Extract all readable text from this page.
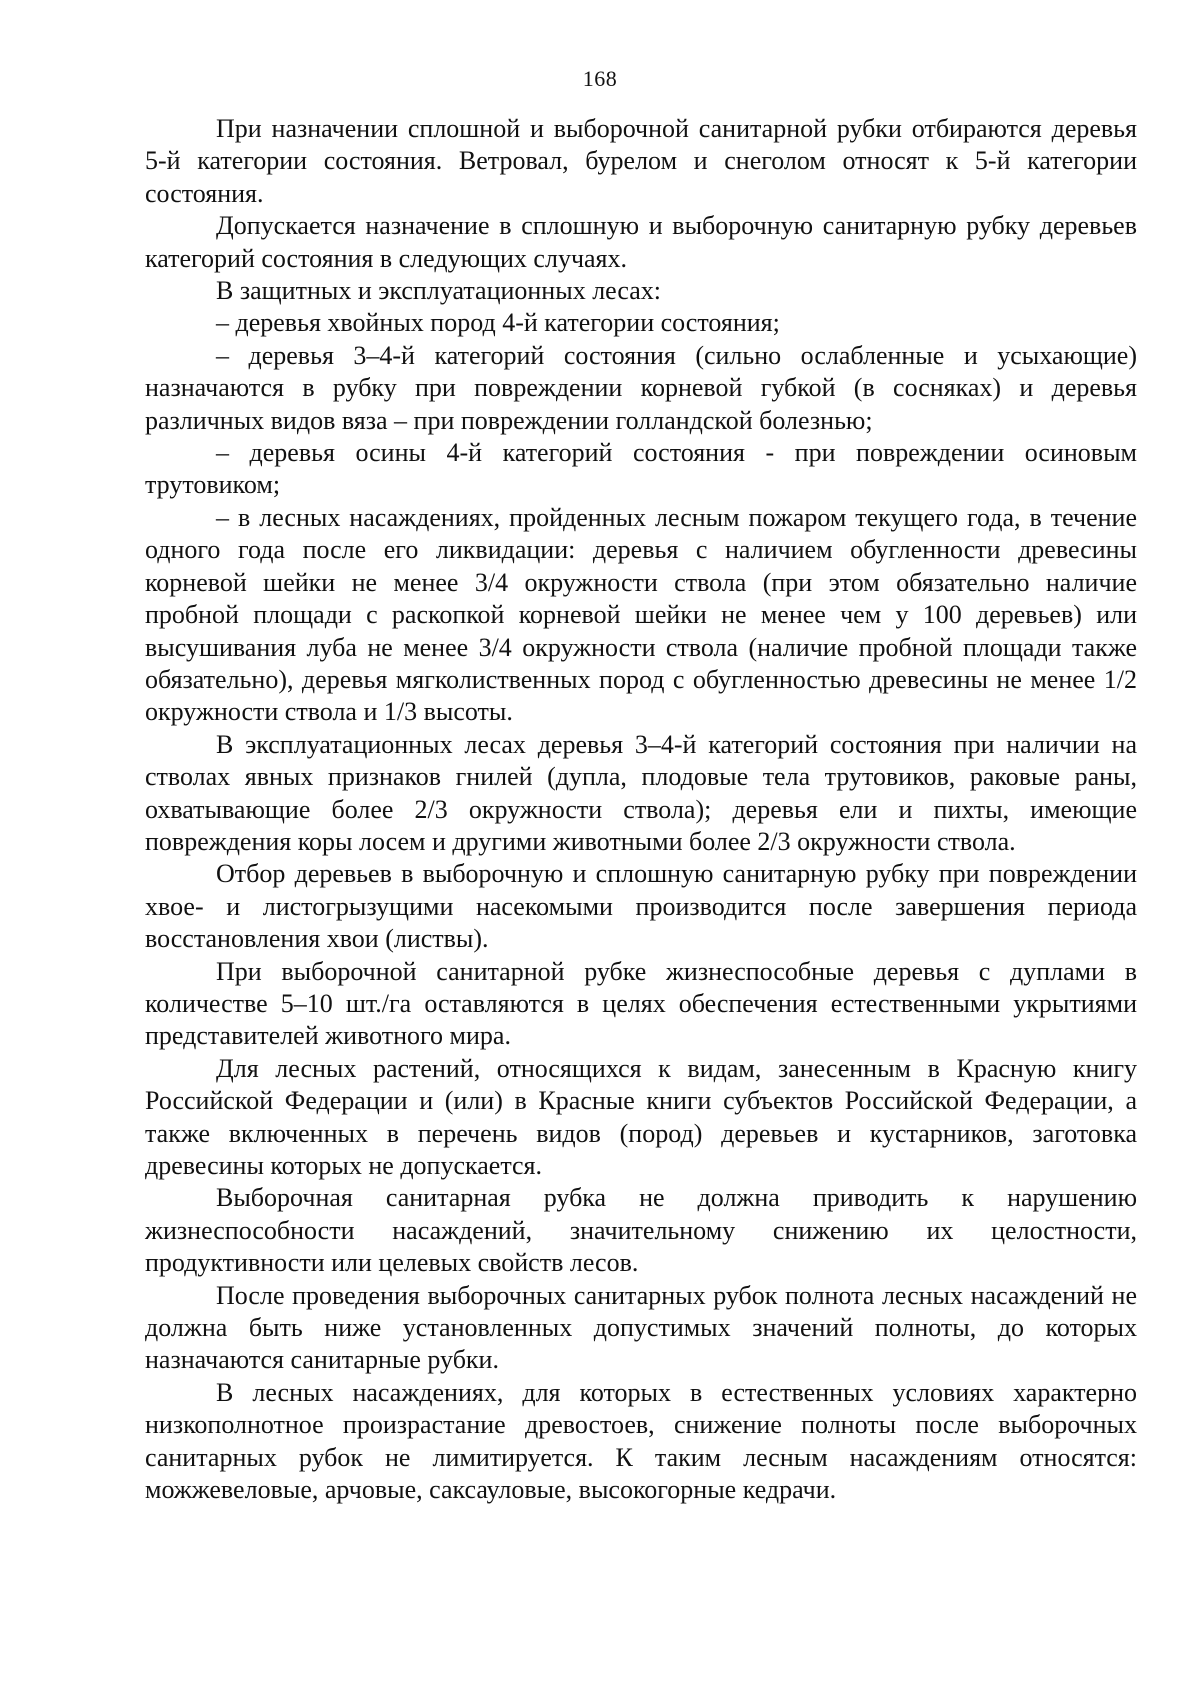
168

При назначении сплошной и выборочной санитарной рубки отбираются деревья 5-й категории состояния. Ветровал, бурелом и снеголом относят к 5-й категории состояния.

Допускается назначение в сплошную и выборочную санитарную рубку деревьев категорий состояния в следующих случаях.

В защитных и эксплуатационных лесах:

– деревья хвойных пород 4-й категории состояния;

– деревья 3–4-й категорий состояния (сильно ослабленные и усыхающие) назначаются в рубку при повреждении корневой губкой (в сосняках) и деревья различных видов вяза – при повреждении голландской болезнью;

– деревья осины 4-й категорий состояния - при повреждении осиновым трутовиком;

– в лесных насаждениях, пройденных лесным пожаром текущего года, в течение одного года после его ликвидации: деревья с наличием обугленности древесины корневой шейки не менее 3/4 окружности ствола (при этом обязательно наличие пробной площади с раскопкой корневой шейки не менее чем у 100 деревьев) или высушивания луба не менее 3/4 окружности ствола (наличие пробной площади также обязательно), деревья мягколиственных пород с обугленностью древесины не менее 1/2 окружности ствола и 1/3 высоты.

В эксплуатационных лесах деревья 3–4-й категорий состояния при наличии на стволах явных признаков гнилей (дупла, плодовые тела трутовиков, раковые раны, охватывающие более 2/3 окружности ствола); деревья ели и пихты, имеющие повреждения коры лосем и другими животными более 2/3 окружности ствола.

Отбор деревьев в выборочную и сплошную санитарную рубку при повреждении хвое- и листогрызущими насекомыми производится после завершения периода восстановления хвои (листвы).

При выборочной санитарной рубке жизнеспособные деревья с дуплами в количестве 5–10 шт./га оставляются в целях обеспечения естественными укрытиями представителей животного мира.

Для лесных растений, относящихся к видам, занесенным в Красную книгу Российской Федерации и (или) в Красные книги субъектов Российской Федерации, а также включенных в перечень видов (пород) деревьев и кустарников, заготовка древесины которых не допускается.

Выборочная санитарная рубка не должна приводить к нарушению жизнеспособности насаждений, значительному снижению их целостности, продуктивности или целевых свойств лесов.

После проведения выборочных санитарных рубок полнота лесных насаждений не должна быть ниже установленных допустимых значений полноты, до которых назначаются санитарные рубки.

В лесных насаждениях, для которых в естественных условиях характерно низкополнотное произрастание древостоев, снижение полноты после выборочных санитарных рубок не лимитируется. К таким лесным насаждениям относятся: можжевеловые, арчовые, саксауловые, высокогорные кедрачи.
